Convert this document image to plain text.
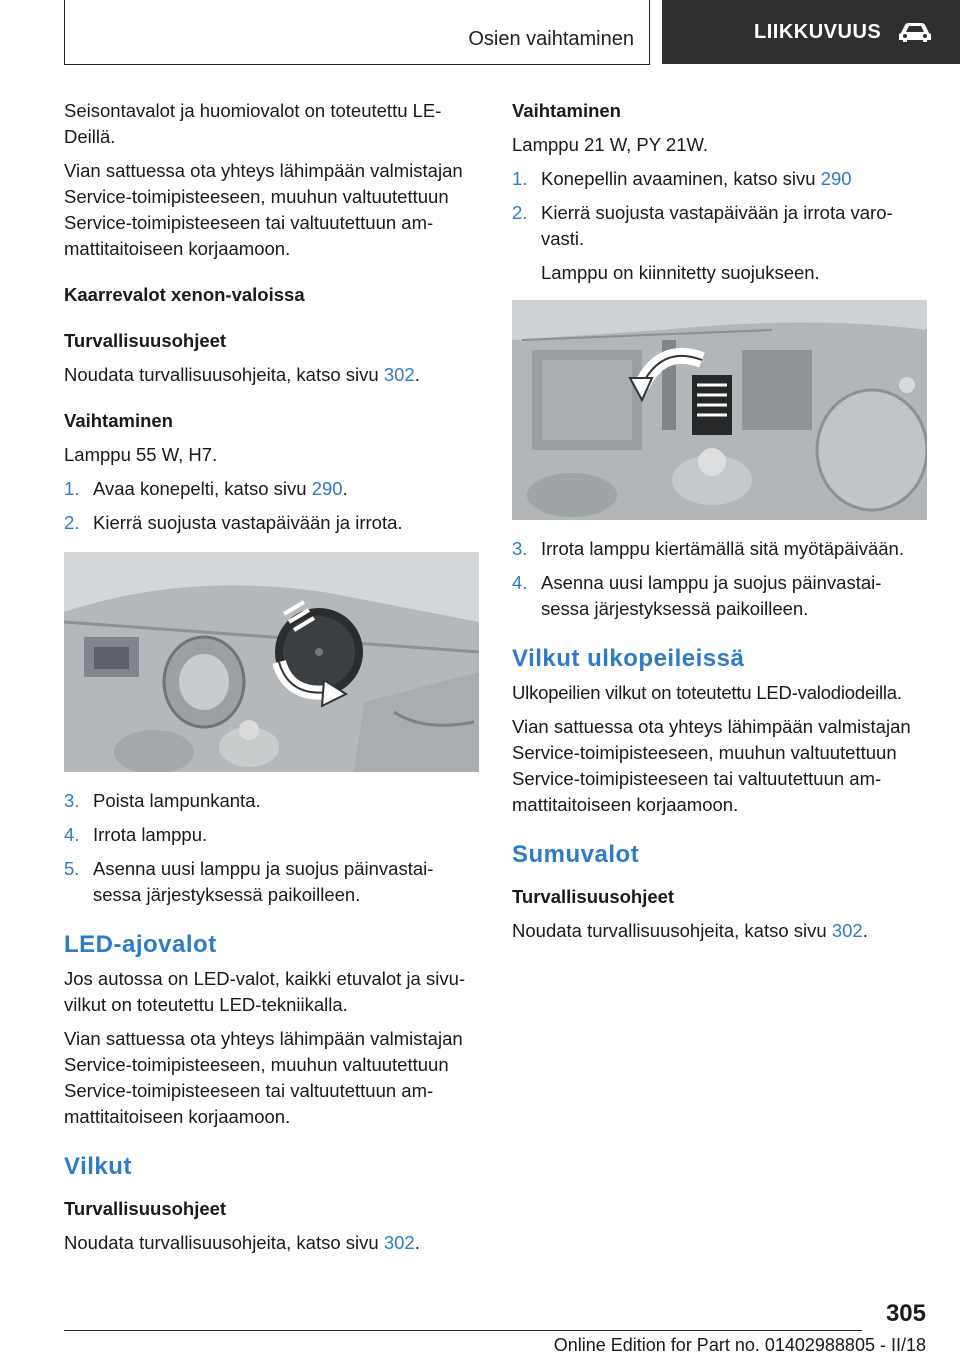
Osien vaihtaminen	LIIKKUVUUS

Seisontavalot ja huomiovalot on toteutettu LE-Deillä.

Vian sattuessa ota yhteys lähimpään valmistajan Service-toimipisteeseen, muuhun valtuutettuun Service-toimipisteeseen tai valtuutettuun am-mattitaitoiseen korjaamoon.

Kaarrevalot xenon-valoissa
Turvallisuusohjeet

Noudata turvallisuusohjeita, katso sivu 302.

Vaihtaminen

Lamppu 55 W, H7.

1. Avaa konepelti, katso sivu 290.
2. Kierrä suojusta vastapäivään ja irrota.
3. Poista lampunkanta.
4. Irrota lamppu.
5. Asenna uusi lamppu ja suojus päinvastai-sessa järjestyksessä paikoilleen.
LED-ajovalot

Jos autossa on LED-valot, kaikki etuvalot ja sivu-vilkut on toteutettu LED-tekniikalla.

Vian sattuessa ota yhteys lähimpään valmistajan Service-toimipisteeseen, muuhun valtuutettuun Service-toimipisteeseen tai valtuutettuun am-mattitaitoiseen korjaamoon.

Vilkut
Turvallisuusohjeet

Noudata turvallisuusohjeita, katso sivu 302.

Vaihtaminen

Lamppu 21 W, PY 21W.

1. Konepellin avaaminen, katso sivu 290
2. Kierrä suojusta vastapäivään ja irrota varo-vasti.

Lamppu on kiinnitetty suojukseen.

3. Irrota lamppu kiertämällä sitä myötäpäivään.
4. Asenna uusi lamppu ja suojus päinvastai-sessa järjestyksessä paikoilleen.
Vilkut ulkopeileissä

Ulkopeilien vilkut on toteutettu LED-valodiodeilla.

Vian sattuessa ota yhteys lähimpään valmistajan Service-toimipisteeseen, muuhun valtuutettuun Service-toimipisteeseen tai valtuutettuun am-mattitaitoiseen korjaamoon.

Sumuvalot
Turvallisuusohjeet

Noudata turvallisuusohjeita, katso sivu 302.

305
Online Edition for Part no. 01402988805 - II/18
